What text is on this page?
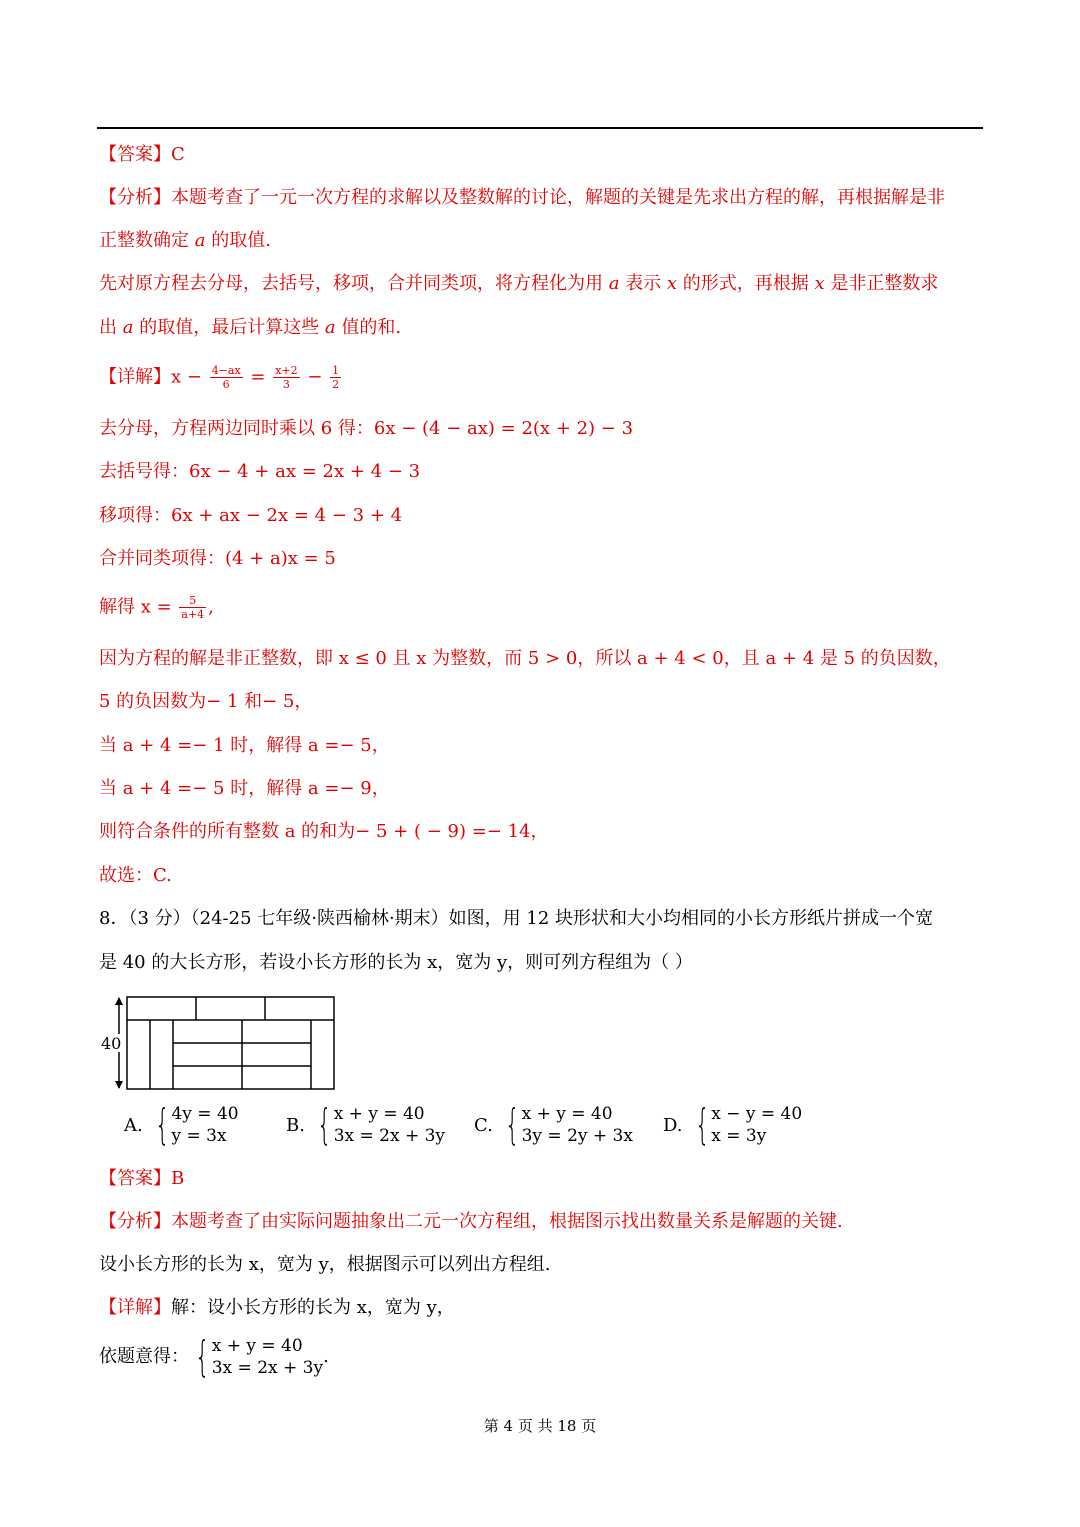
【答案】C
【分析】本题考查了一元一次方程的求解以及整数解的讨论，解题的关键是先求出方程的解，再根据解是非
正整数确定 a 的取值.
先对原方程去分母，去括号，移项，合并同类项，将方程化为用 a 表示 x 的形式，再根据 x 是非正整数求
出 a 的取值，最后计算这些 a 值的和.
【详解】$x - \frac{4-ax}{6} = \frac{x+2}{3} - \frac{1}{2}$
去分母，方程两边同时乘以 6 得：6x − (4 − ax) = 2(x + 2) − 3
去括号得：6x − 4 + ax = 2x + 4 − 3
移项得：6x + ax − 2x = 4 − 3 + 4
合并同类项得：(4 + a)x = 5
解得 $x = \frac{5}{a+4}$ ,
因为方程的解是非正整数，即 x ≤ 0 且 x 为整数，而 5 > 0，所以 a + 4 < 0，且 a + 4 是 5 的负因数，
5 的负因数为− 1 和− 5，
当 a + 4 =− 1 时，解得 a =− 5，
当 a + 4 =− 5 时，解得 a =− 9，
则符合条件的所有整数 a 的和为− 5 + ( − 9) =− 14，
故选：C.
8．（3 分）（24-25 七年级·陕西榆林·期末）如图，用 12 块形状和大小均相同的小长方形纸片拼成一个宽
是 40 的大长方形，若设小长方形的长为 x，宽为 y，则可列方程组为（ ）
40
A. { 4y = 40
y = 3x
B. { x + y = 40
3x = 2x + 3y
C. { x + y = 40
3y = 2y + 3x
D. { x − y = 40
x = 3y
【答案】B
【分析】本题考查了由实际问题抽象出二元一次方程组，根据图示找出数量关系是解题的关键.
设小长方形的长为 x，宽为 y，根据图示可以列出方程组.
【详解】解：设小长方形的长为 x，宽为 y，
依题意得： { x + y = 40
3x = 2x + 3y
.
第 4 页 共 18 页
